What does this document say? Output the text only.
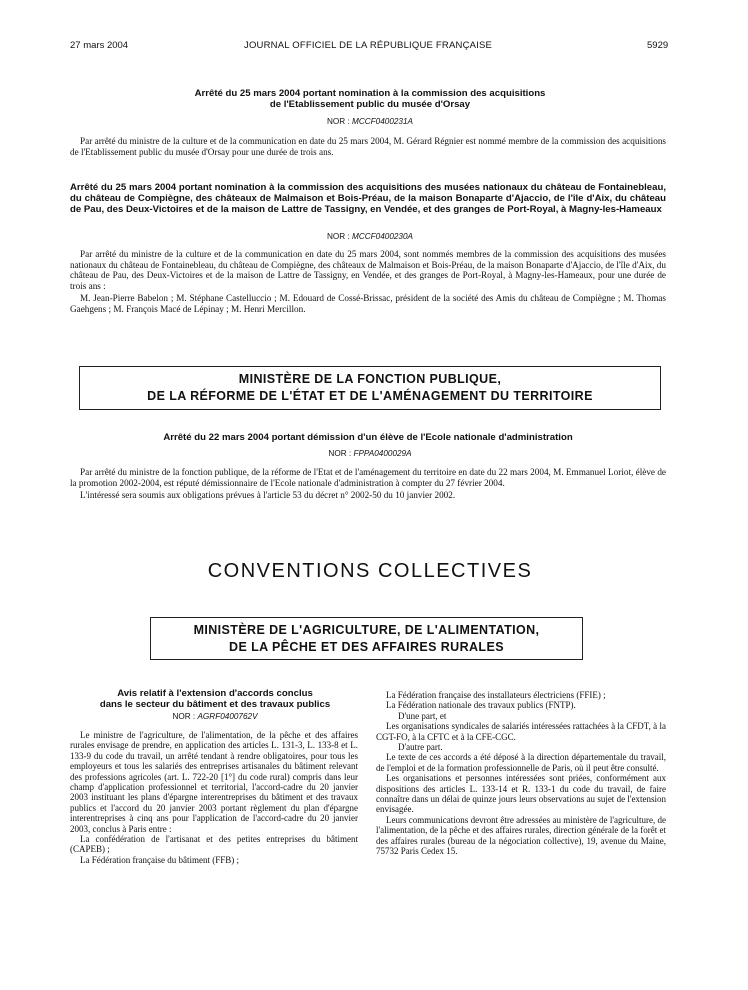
27 mars 2004	JOURNAL OFFICIEL DE LA RÉPUBLIQUE FRANÇAISE	5929
Arrêté du 25 mars 2004 portant nomination à la commission des acquisitions
de l'Etablissement public du musée d'Orsay
NOR : MCCF0400231A

Par arrêté du ministre de la culture et de la communication en date du 25 mars 2004, M. Gérard Régnier est nommé membre de la commission des acquisitions de l'Etablissement public du musée d'Orsay pour une durée de trois ans.

Arrêté du 25 mars 2004 portant nomination à la commission des acquisitions des musées nationaux du château de Fontainebleau, du château de Compiègne, des châteaux de Malmaison et Bois-Préau, de la maison Bonaparte d'Ajaccio, de l'île d'Aix, du château de Pau, des Deux-Victoires et de la maison de Lattre de Tassigny, en Vendée, et des granges de Port-Royal, à Magny-les-Hameaux
NOR : MCCF0400230A

Par arrêté du ministre de la culture et de la communication en date du 25 mars 2004, sont nommés membres de la commission des acquisitions des musées nationaux du château de Fontainebleau, du château de Compiègne, des châteaux de Malmaison et Bois-Préau, de la maison Bonaparte d'Ajaccio, de l'île d'Aix, du château de Pau, des Deux-Victoires et de la maison de Lattre de Tassigny, en Vendée, et des granges de Port-Royal, à Magny-les-Hameaux, pour une durée de trois ans :

M. Jean-Pierre Babelon ; M. Stéphane Castelluccio ; M. Edouard de Cossé-Brissac, président de la société des Amis du château de Compiègne ; M. Thomas Gaehgens ; M. François Macé de Lépinay ; M. Henri Mercillon.

MINISTÈRE DE LA FONCTION PUBLIQUE,
DE LA RÉFORME DE L'ÉTAT ET DE L'AMÉNAGEMENT DU TERRITOIRE
Arrêté du 22 mars 2004 portant démission d'un élève de l'Ecole nationale d'administration
NOR : FPPA0400029A

Par arrêté du ministre de la fonction publique, de la réforme de l'Etat et de l'aménagement du territoire en date du 22 mars 2004, M. Emmanuel Loriot, élève de la promotion 2002-2004, est réputé démissionnaire de l'Ecole nationale d'administration à compter du 27 février 2004.

L'intéressé sera soumis aux obligations prévues à l'article 53 du décret n° 2002-50 du 10 janvier 2002.

CONVENTIONS COLLECTIVES
MINISTÈRE DE L'AGRICULTURE, DE L'ALIMENTATION,
DE LA PÊCHE ET DES AFFAIRES RURALES
Avis relatif à l'extension d'accords conclus
dans le secteur du bâtiment et des travaux publics
NOR : AGRF0400762V

Le ministre de l'agriculture, de l'alimentation, de la pêche et des affaires rurales envisage de prendre, en application des articles L. 131-3, L. 133-8 et L. 133-9 du code du travail, un arrêté tendant à rendre obligatoires, pour tous les employeurs et tous les salariés des entreprises artisanales du bâtiment relevant des professions agricoles (art. L. 722-20 [1°] du code rural) compris dans leur champ d'application professionnel et territorial, l'accord-cadre du 20 janvier 2003 instituant les plans d'épargne interentreprises du bâtiment et des travaux publics et l'accord du 20 janvier 2003 portant règlement du plan d'épargne interentreprises à cinq ans pour l'application de l'accord-cadre du 20 janvier 2003, conclus à Paris entre :

La confédération de l'artisanat et des petites entreprises du bâtiment (CAPEB) ;

La Fédération française du bâtiment (FFB) ;

La Fédération française des installateurs électriciens (FFIE) ;

La Fédération nationale des travaux publics (FNTP).

D'une part, et

Les organisations syndicales de salariés intéressées rattachées à la CFDT, à la CGT-FO, à la CFTC et à la CFE-CGC.

D'autre part.

Le texte de ces accords a été déposé à la direction départementale du travail, de l'emploi et de la formation professionnelle de Paris, où il peut être consulté.

Les organisations et personnes intéressées sont priées, conformément aux dispositions des articles L. 133-14 et R. 133-1 du code du travail, de faire connaître dans un délai de quinze jours leurs observations au sujet de l'extension envisagée.

Leurs communications devront être adressées au ministère de l'agriculture, de l'alimentation, de la pêche et des affaires rurales, direction générale de la forêt et des affaires rurales (bureau de la négociation collective), 19, avenue du Maine, 75732 Paris Cedex 15.
